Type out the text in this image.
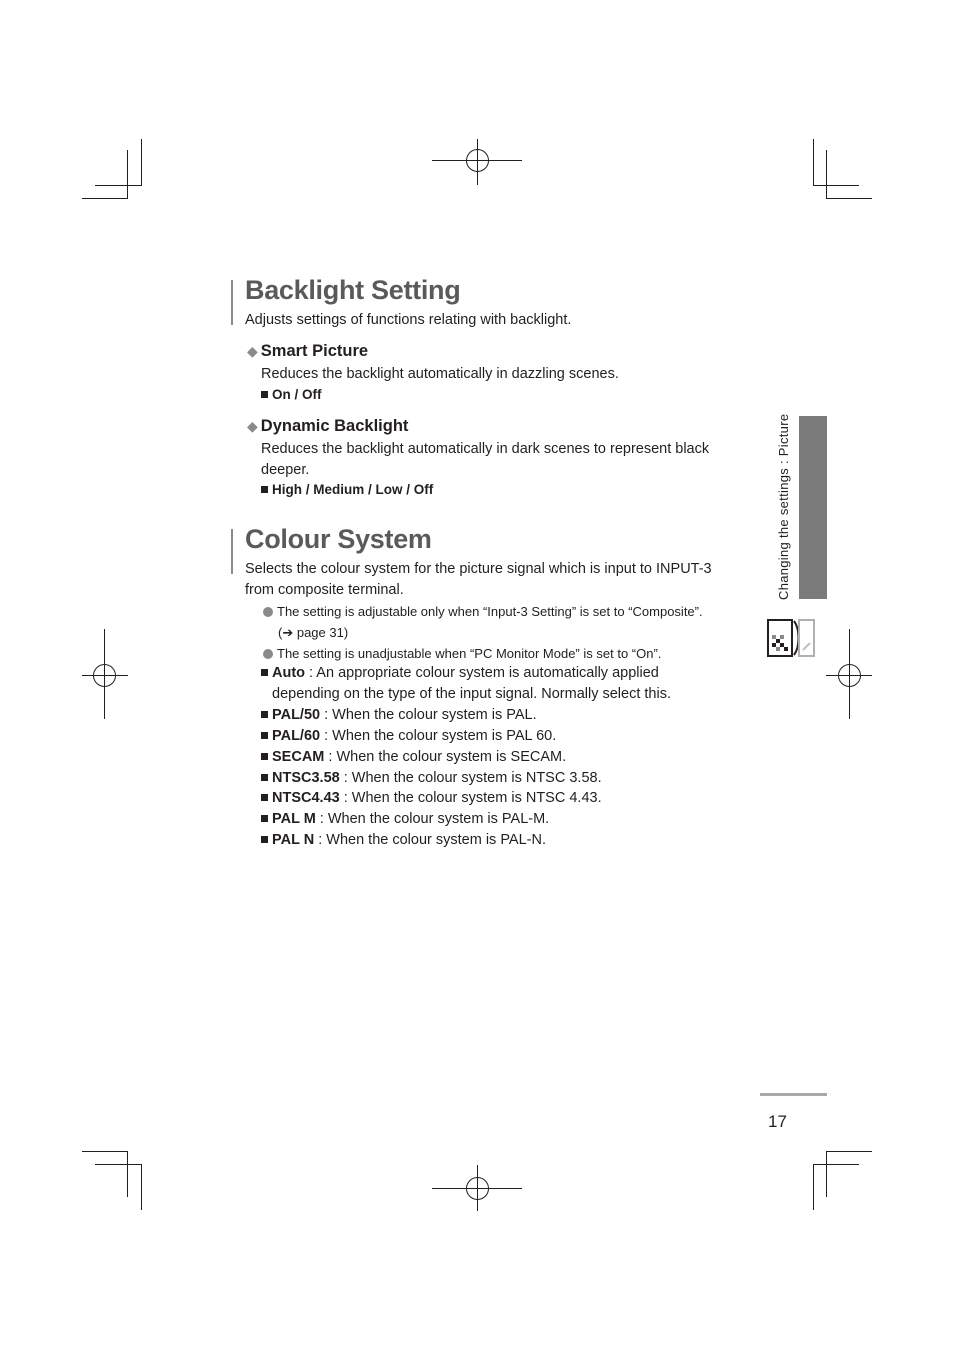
Backlight Setting
Adjusts settings of functions relating with backlight.
◆ Smart Picture
Reduces the backlight automatically in dazzling scenes.
On / Off
◆ Dynamic Backlight
Reduces the backlight automatically in dark scenes to represent black
deeper.
High / Medium / Low / Off
Colour System
Selects the colour system for the picture signal which is input to INPUT-3
from composite terminal.
The setting is adjustable only when “Input-3 Setting” is set to “Composite”.
(➔ page 31)
The setting is unadjustable when “PC Monitor Mode” is set to “On”.
Auto : An appropriate colour system is automatically applied
depending on the type of the input signal. Normally select this.
PAL/50 : When the colour system is PAL.
PAL/60 : When the colour system is PAL 60.
SECAM : When the colour system is SECAM.
NTSC3.58 : When the colour system is NTSC 3.58.
NTSC4.43 : When the colour system is NTSC 4.43.
PAL M : When the colour system is PAL-M.
PAL N : When the colour system is PAL-N.
Changing the settings : Picture
17
